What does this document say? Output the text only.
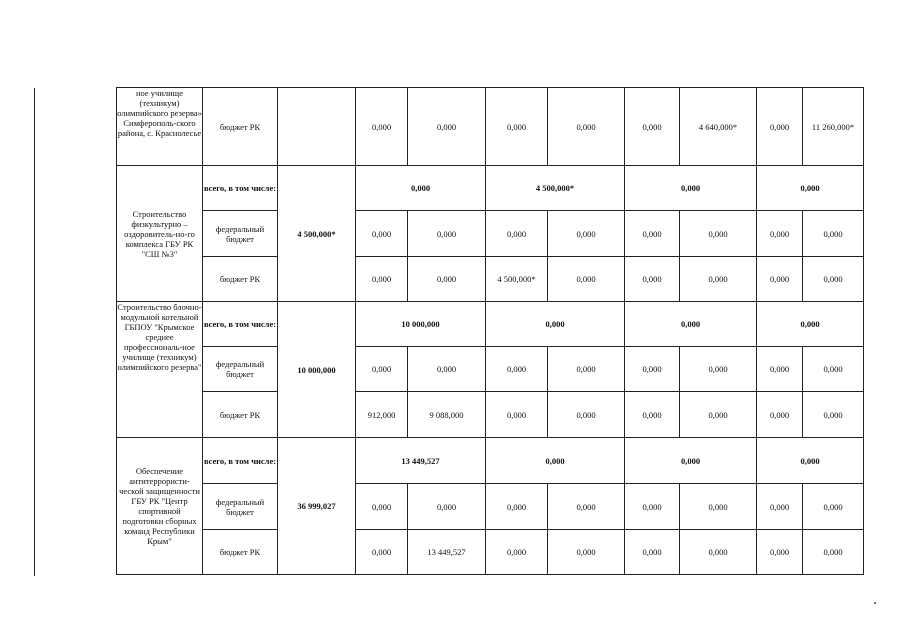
ное училище (техникум) олимпийского резерва» Симферополь-ского района, с. Краснолесье	бюджет РК		0,000	0,000	0,000	0,000	0,000	4 640,000*	0,000	11 260,000*
Строительство физкультурно – оздоровитель-но-го комплекса ГБУ РК "СШ №3"	всего, в том числе:	4 500,000*	0,000		4 500,000*		0,000		0,000	
	федеральный бюджет		0,000	0,000	0,000	0,000	0,000	0,000	0,000	0,000
	бюджет РК		0,000	0,000	4 500,000*	0,000	0,000	0,000	0,000	0,000
Строительство блочно-модульной котельной ГБПОУ "Крымское среднее профессиональ-ное училище (техникум) олимпийского резерва"	всего, в том числе:	10 000,000	10 000,000		0,000		0,000		0,000	
	федеральный бюджет		0,000	0,000	0,000	0,000	0,000	0,000	0,000	0,000
	бюджет РК		912,000	9 088,000	0,000	0,000	0,000	0,000	0,000	0,000
Обеспечение антитеррористи-ческой защищенности ГБУ РК "Центр спортивной подготовки сборных команд Республики Крым"	всего, в том числе:	36 999,027	13 449,527		0,000		0,000		0,000	
	федеральный бюджет		0,000	0,000	0,000	0,000	0,000	0,000	0,000	0,000
	бюджет РК		0,000	13 449,527	0,000	0,000	0,000	0,000	0,000	0,000
